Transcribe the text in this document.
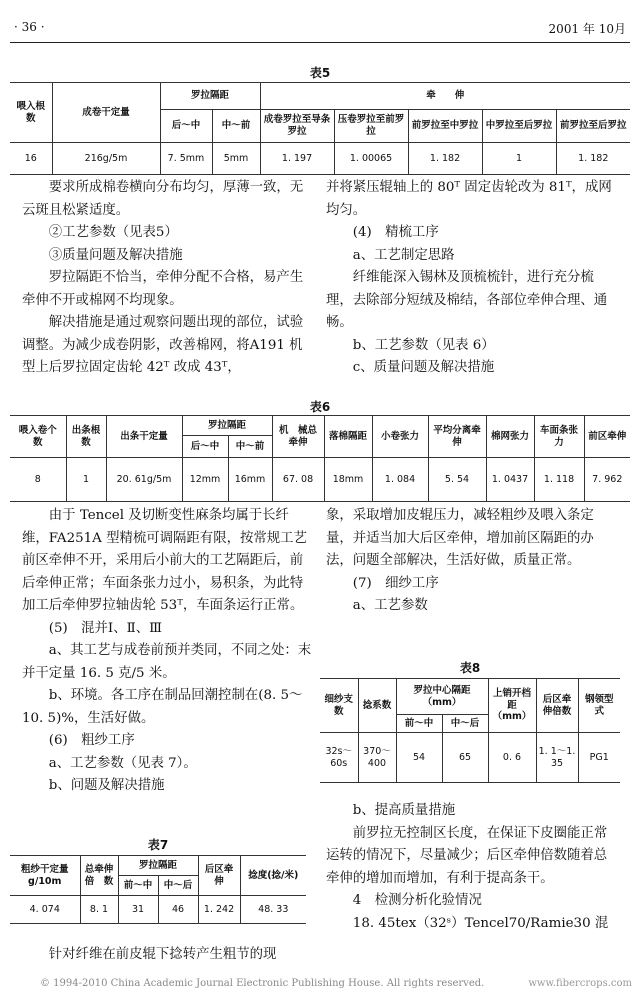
· 36 ·	2001 年 10月
表5
喂入根数	成卷干定量	罗拉隔距		牵　　伸				
		后～中	中～前	成卷罗拉至导条罗拉	压卷罗拉至前罗拉	前罗拉至中罗拉	中罗拉至后罗拉	前罗拉至后罗拉
16	216g/5m	7. 5mm	5mm	1. 197	1. 00065	1. 182	1	1. 182

要求所成棉卷横向分布均匀，厚薄一致，无云斑且松紧适度。

②工艺参数（见表5）

③质量问题及解决措施

罗拉隔距不恰当，牵伸分配不合格，易产生牵伸不开或棉网不均现象。

解决措施是通过观察问题出现的部位，试验调整。为减少成卷阴影，改善棉网，将A191 机型上后罗拉固定齿轮 42ᵀ 改成 43ᵀ，

并将紧压辊轴上的 80ᵀ 固定齿轮改为 81ᵀ，成网均匀。

(4)　精梳工序

a、工艺制定思路

纤维能深入锡林及顶梳梳针，进行充分梳理，去除部分短绒及棉结，各部位牵伸合理、通畅。

b、工艺参数（见表 6）

c、质量问题及解决措施

表6
喂入卷个　数	出条根数	出条干定量	罗拉隔距		机　械总牵伸	落棉隔距	小卷张力	平均分离牵伸	棉网张力	车面条张力	前区牵伸
			后～中	中～前							
8	1	20. 61g/5m	12mm	16mm	67. 08	18mm	1. 084	5. 54	1. 0437	1. 118	7. 962

由于 Tencel 及切断变性麻条均属于长纤维，FA251A 型精梳可调隔距有限，按常规工艺前区牵伸不开，采用后小前大的工艺隔距后，前后牵伸正常；车面条张力过小，易积条，为此特加工后牵伸罗拉轴齿轮 53ᵀ，车面条运行正常。

(5)　混并Ⅰ、Ⅱ、Ⅲ

a、其工艺与成卷前预并类同，不同之处：末并干定量 16. 5 克/5 米。

b、环境。各工序在制品回潮控制在(8. 5～ 10. 5)%，生活好做。

(6)　粗纱工序

a、工艺参数（见表 7）。

b、问题及解决措施

表7
粗纱干定量g/10m	总牵伸倍　数	罗拉隔距		后区牵伸	捻度(捻/米)
		前～中	中～后		
4. 074	8. 1	31	46	1. 242	48. 33

针对纤维在前皮辊下捻转产生粗节的现

象，采取增加皮辊压力，减轻粗纱及喂入条定量，并适当加大后区牵伸，增加前区隔距的办法，问题全部解决，生活好做，质量正常。

(7)　细纱工序

a、工艺参数

表8
细纱支数	捻系数	罗拉中心隔距（mm）		上销开档距（mm）	后区牵伸倍数	钢领型式
		前～中	中～后			
32s～60s	370～400	54	65	0. 6	1. 1～1. 35	PG1

b、提高质量措施

前罗拉无控制区长度，在保证下皮圈能正常运转的情况下，尽量减少；后区牵伸倍数随着总牵伸的增加而增加，有利于提高条干。

4　检测分析化验情况

18. 45tex（32ˢ）Tencel70/Ramie30 混

© 1994-2010 China Academic Journal Electronic Publishing House. All rights reserved.	www.fibercrops.com
